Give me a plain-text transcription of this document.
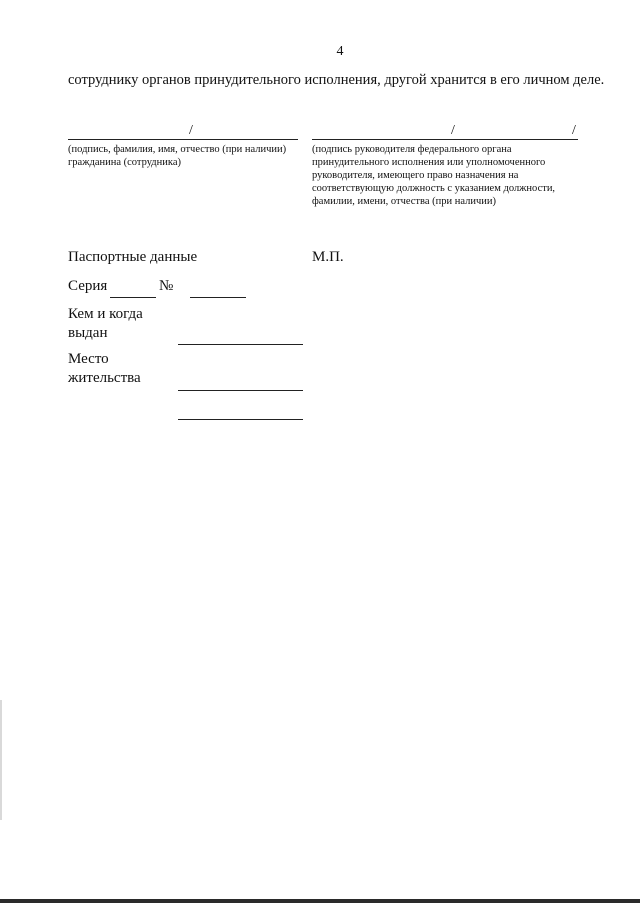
4
сотруднику органов принудительного исполнения, другой хранится в его личном деле.
/
(подпись, фамилия, имя, отчество (при наличии) гражданина (сотрудника)
/	/
(подпись руководителя федерального органа принудительного исполнения или уполномоченного руководителя, имеющего право назначения на соответствующую должность с указанием должности, фамилии, имени, отчества (при наличии)
Паспортные данные	М.П.
Серия	№
Кем и когда выдан
Место жительства
